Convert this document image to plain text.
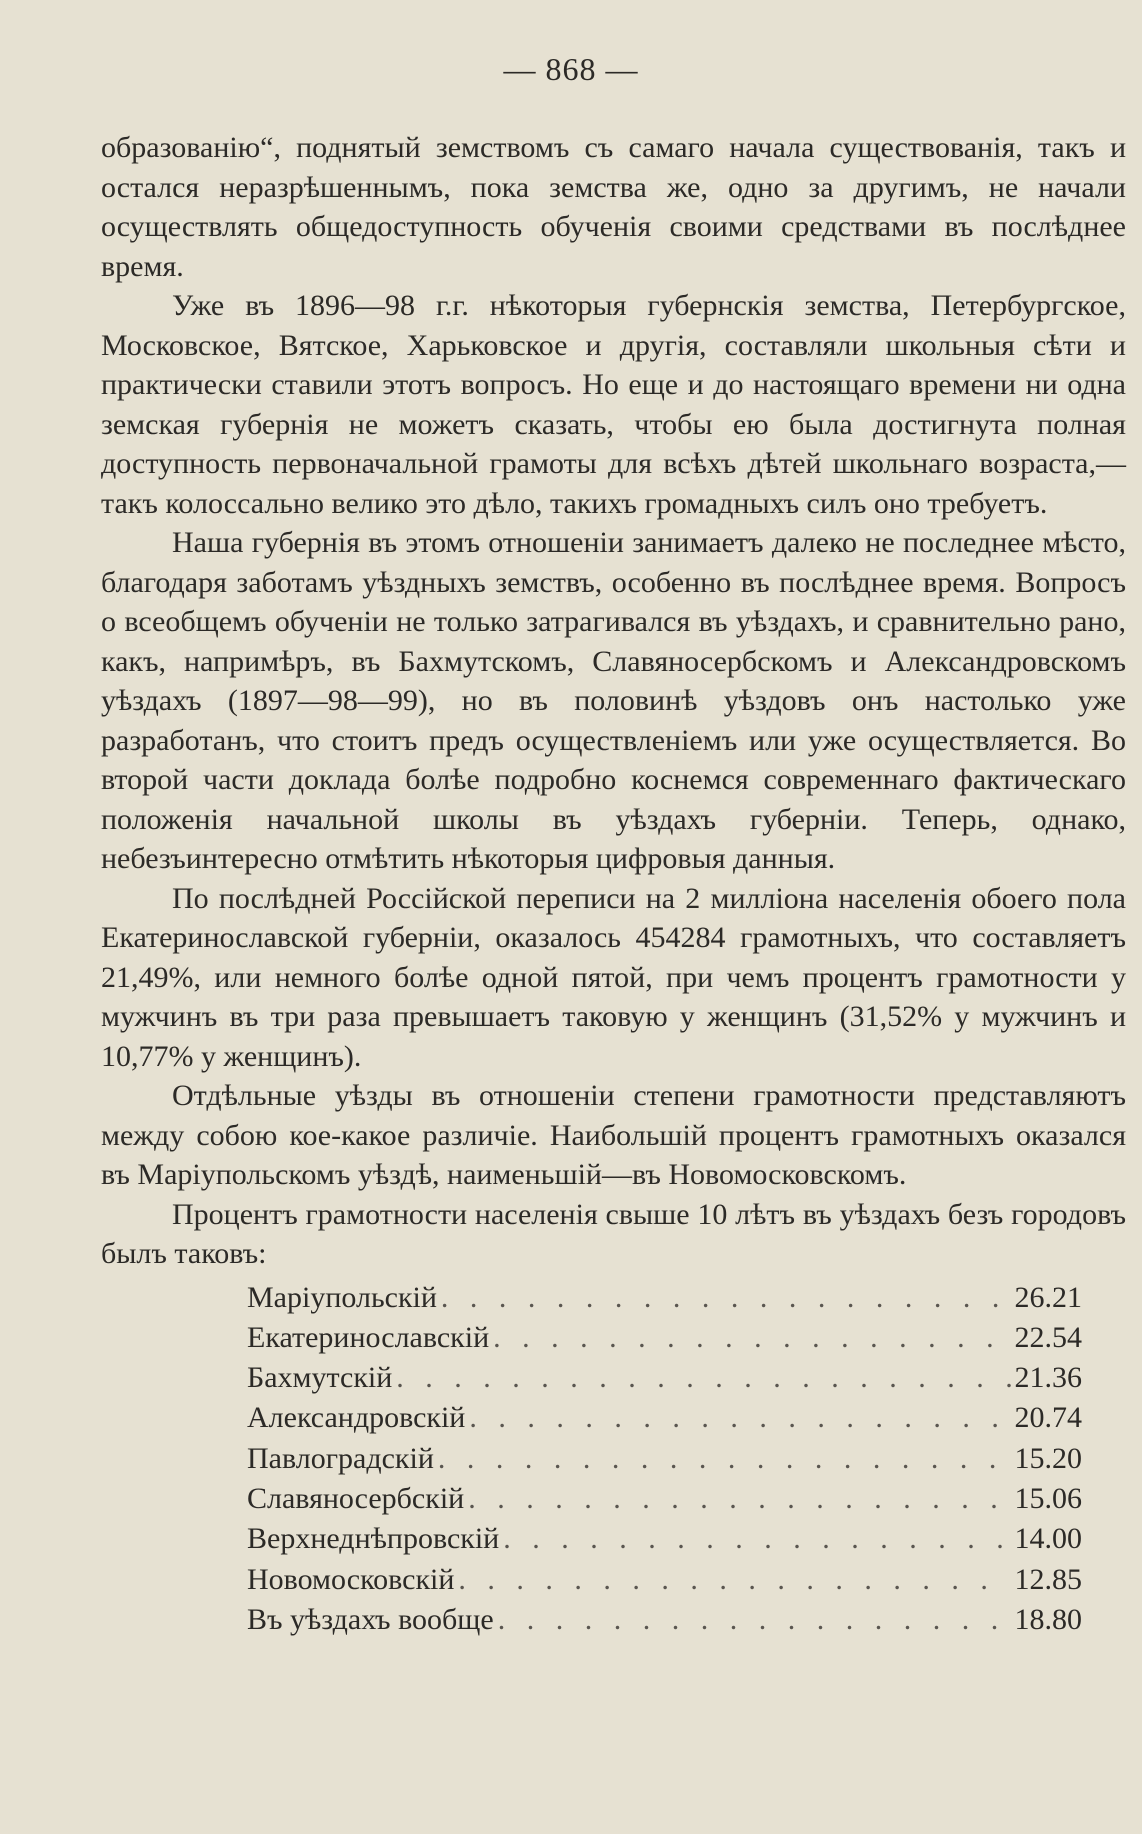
— 868 —

образованію“, поднятый земствомъ съ самаго начала существованія, такъ и остался неразрѣшеннымъ, пока земства же, одно за другимъ, не начали осуществлять общедоступность обученія своими средствами въ послѣднее время.

Уже въ 1896—98 г.г. нѣкоторыя губернскія земства, Петербургское, Московское, Вятское, Харьковское и другія, составляли школьныя сѣти и практически ставили этотъ вопросъ. Но еще и до настоящаго времени ни одна земская губернія не можетъ сказать, чтобы ею была достигнута полная доступность первоначальной грамоты для всѣхъ дѣтей школьнаго возраста,—такъ колоссально велико это дѣло, такихъ громадныхъ силъ оно требуетъ.

Наша губернія въ этомъ отношеніи занимаетъ далеко не последнее мѣсто, благодаря заботамъ уѣздныхъ земствъ, особенно въ послѣднее время. Вопросъ о всеобщемъ обученіи не только затрагивался въ уѣздахъ, и сравнительно рано, какъ, напримѣръ, въ Бахмутскомъ, Славяносербскомъ и Александровскомъ уѣздахъ (1897—98—99), но въ половинѣ уѣздовъ онъ настолько уже разработанъ, что стоитъ предъ осуществленіемъ или уже осуществляется. Во второй части доклада болѣе подробно коснемся современнаго фактическаго положенія начальной школы въ уѣздахъ губерніи. Теперь, однако, небезъинтересно отмѣтить нѣкоторыя цифровыя данныя.

По послѣдней Россійской переписи на 2 милліона населенія обоего пола Екатеринославской губерніи, оказалось 454284 грамотныхъ, что составляетъ 21,49%, или немного болѣе одной пятой, при чемъ процентъ грамотности у мужчинъ въ три раза превышаетъ таковую у женщинъ (31,52% у мужчинъ и 10,77% у женщинъ).

Отдѣльные уѣзды въ отношеніи степени грамотности представляютъ между собою кое-какое различіе. Наибольшій процентъ грамотныхъ оказался въ Маріупольскомъ уѣздѣ, наименьшій—въ Новомосковскомъ.

Процентъ грамотности населенія свыше 10 лѣтъ въ уѣздахъ безъ городовъ былъ таковъ:

Маріупольскій . . .	26.21
Екатеринославскій . . .	22.54
Бахмутскій . . .	21.36
Александровскій . . .	20.74
Павлоградскій . . .	15.20
Славяносербскій . . .	15.06
Верхнеднѣпровскій . . .	14.00
Новомосковскій . . .	12.85
Въ уѣздахъ вообще . . .	18.80
